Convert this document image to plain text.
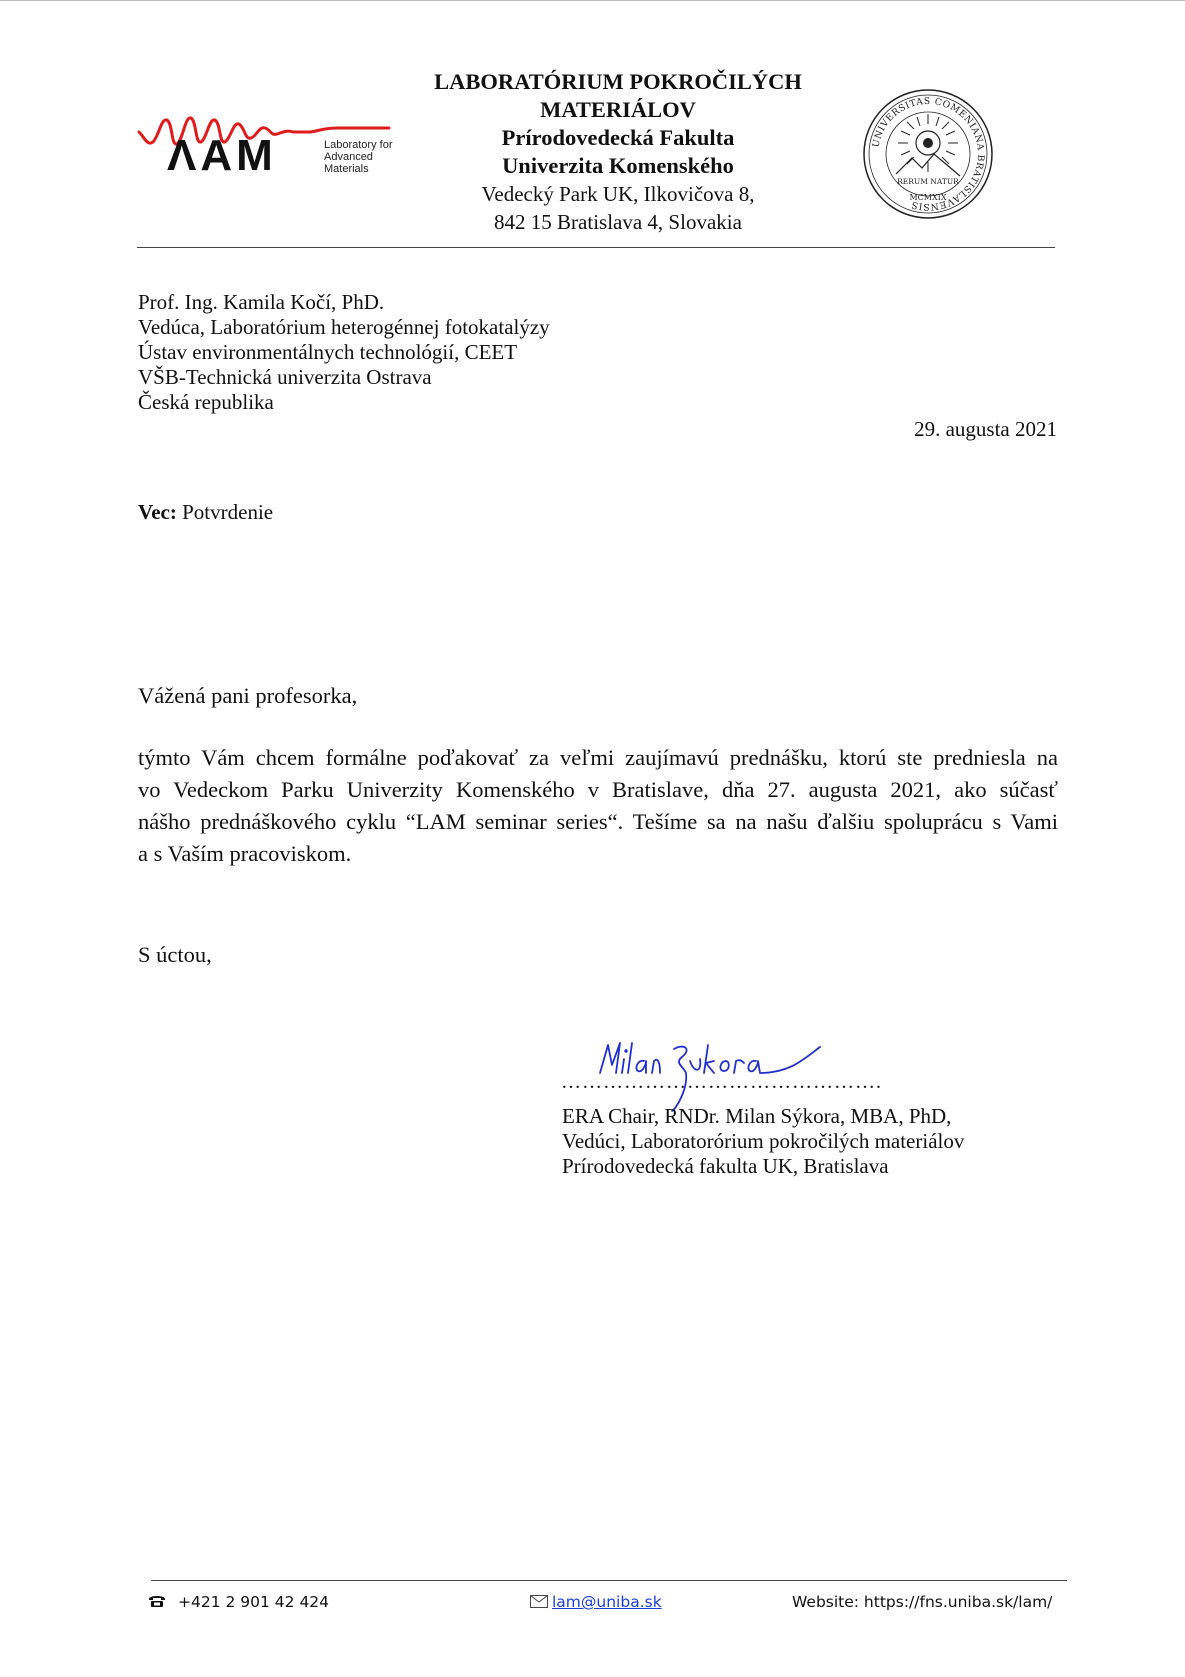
ΛAM	Laboratory for
Advanced
Materials
LABORATÓRIUM POKROČILÝCH
MATERIÁLOV
Prírodovedecká Fakulta
Univerzita Komenského
Vedecký Park UK, Ilkovičova 8,
842 15 Bratislava 4, Slovakia
UNIVERSITAS COMENIANA BRATISLAVENSIS
RERUM NATUR
MCMXIX
Prof. Ing. Kamila Kočí, PhD.
Vedúca, Laboratórium heterogénnej fotokatalýzy
Ústav environmentálnych technológií, CEET
VŠB-Technická univerzita Ostrava
Česká republika
29. augusta 2021
Vec: Potvrdenie
Vážená pani profesorka,
týmto Vám chcem formálne poďakovať za veľmi zaujímavú prednášku, ktorú ste predniesla na
vo Vedeckom Parku Univerzity Komenského v Bratislave, dňa 27. augusta 2021, ako súčasť
nášho prednáškového cyklu “LAM seminar series“. Tešíme sa na našu ďalšiu spoluprácu s Vami
a s Vaším pracoviskom.
S úctou,
……………………………………….
ERA Chair, RNDr. Milan Sýkora, MBA, PhD,
Vedúci, Laboratorórium pokročilých materiálov
Prírodovedecká fakulta UK, Bratislava
+421 2 901 42 424	lam@uniba.sk	Website: https://fns.uniba.sk/lam/
